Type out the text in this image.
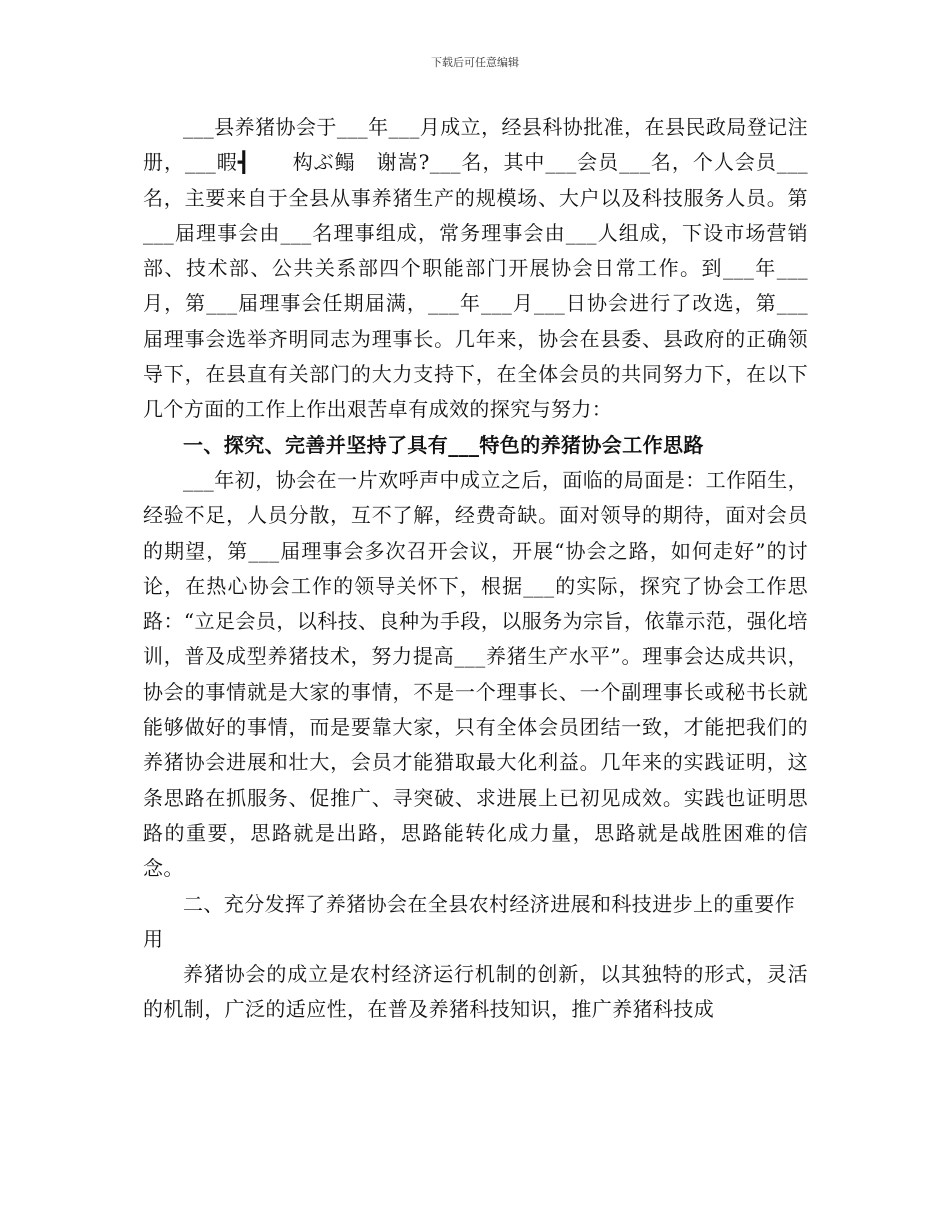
下载后可任意编辑

___县养猪协会于___年___月成立，经县科协批准，在县民政局登记注册，___暇┫　　构ぶ鳎　谢嵩?___名，其中___会员___名，个人会员___名，主要来自于全县从事养猪生产的规模场、大户以及科技服务人员。第___届理事会由___名理事组成，常务理事会由___人组成，下设市场营销部、技术部、公共关系部四个职能部门开展协会日常工作。到___年___月，第___届理事会任期届满，___年___月___日协会进行了改选，第___届理事会选举齐明同志为理事长。几年来，协会在县委、县政府的正确领导下，在县直有关部门的大力支持下，在全体会员的共同努力下，在以下几个方面的工作上作出艰苦卓有成效的探究与努力：

一、探究、完善并坚持了具有___特色的养猪协会工作思路

___年初，协会在一片欢呼声中成立之后，面临的局面是：工作陌生，经验不足，人员分散，互不了解，经费奇缺。面对领导的期待，面对会员的期望，第___届理事会多次召开会议，开展“协会之路，如何走好”的讨论，在热心协会工作的领导关怀下，根据___的实际，探究了协会工作思路：“立足会员，以科技、良种为手段，以服务为宗旨，依靠示范，强化培训，普及成型养猪技术，努力提高___养猪生产水平”。理事会达成共识，协会的事情就是大家的事情，不是一个理事长、一个副理事长或秘书长就能够做好的事情，而是要靠大家，只有全体会员团结一致，才能把我们的养猪协会进展和壮大，会员才能猎取最大化利益。几年来的实践证明，这条思路在抓服务、促推广、寻突破、求进展上已初见成效。实践也证明思路的重要，思路就是出路，思路能转化成力量，思路就是战胜困难的信念。

二、充分发挥了养猪协会在全县农村经济进展和科技进步上的重要作用

养猪协会的成立是农村经济运行机制的创新，以其独特的形式，灵活的机制，广泛的适应性，在普及养猪科技知识，推广养猪科技成
